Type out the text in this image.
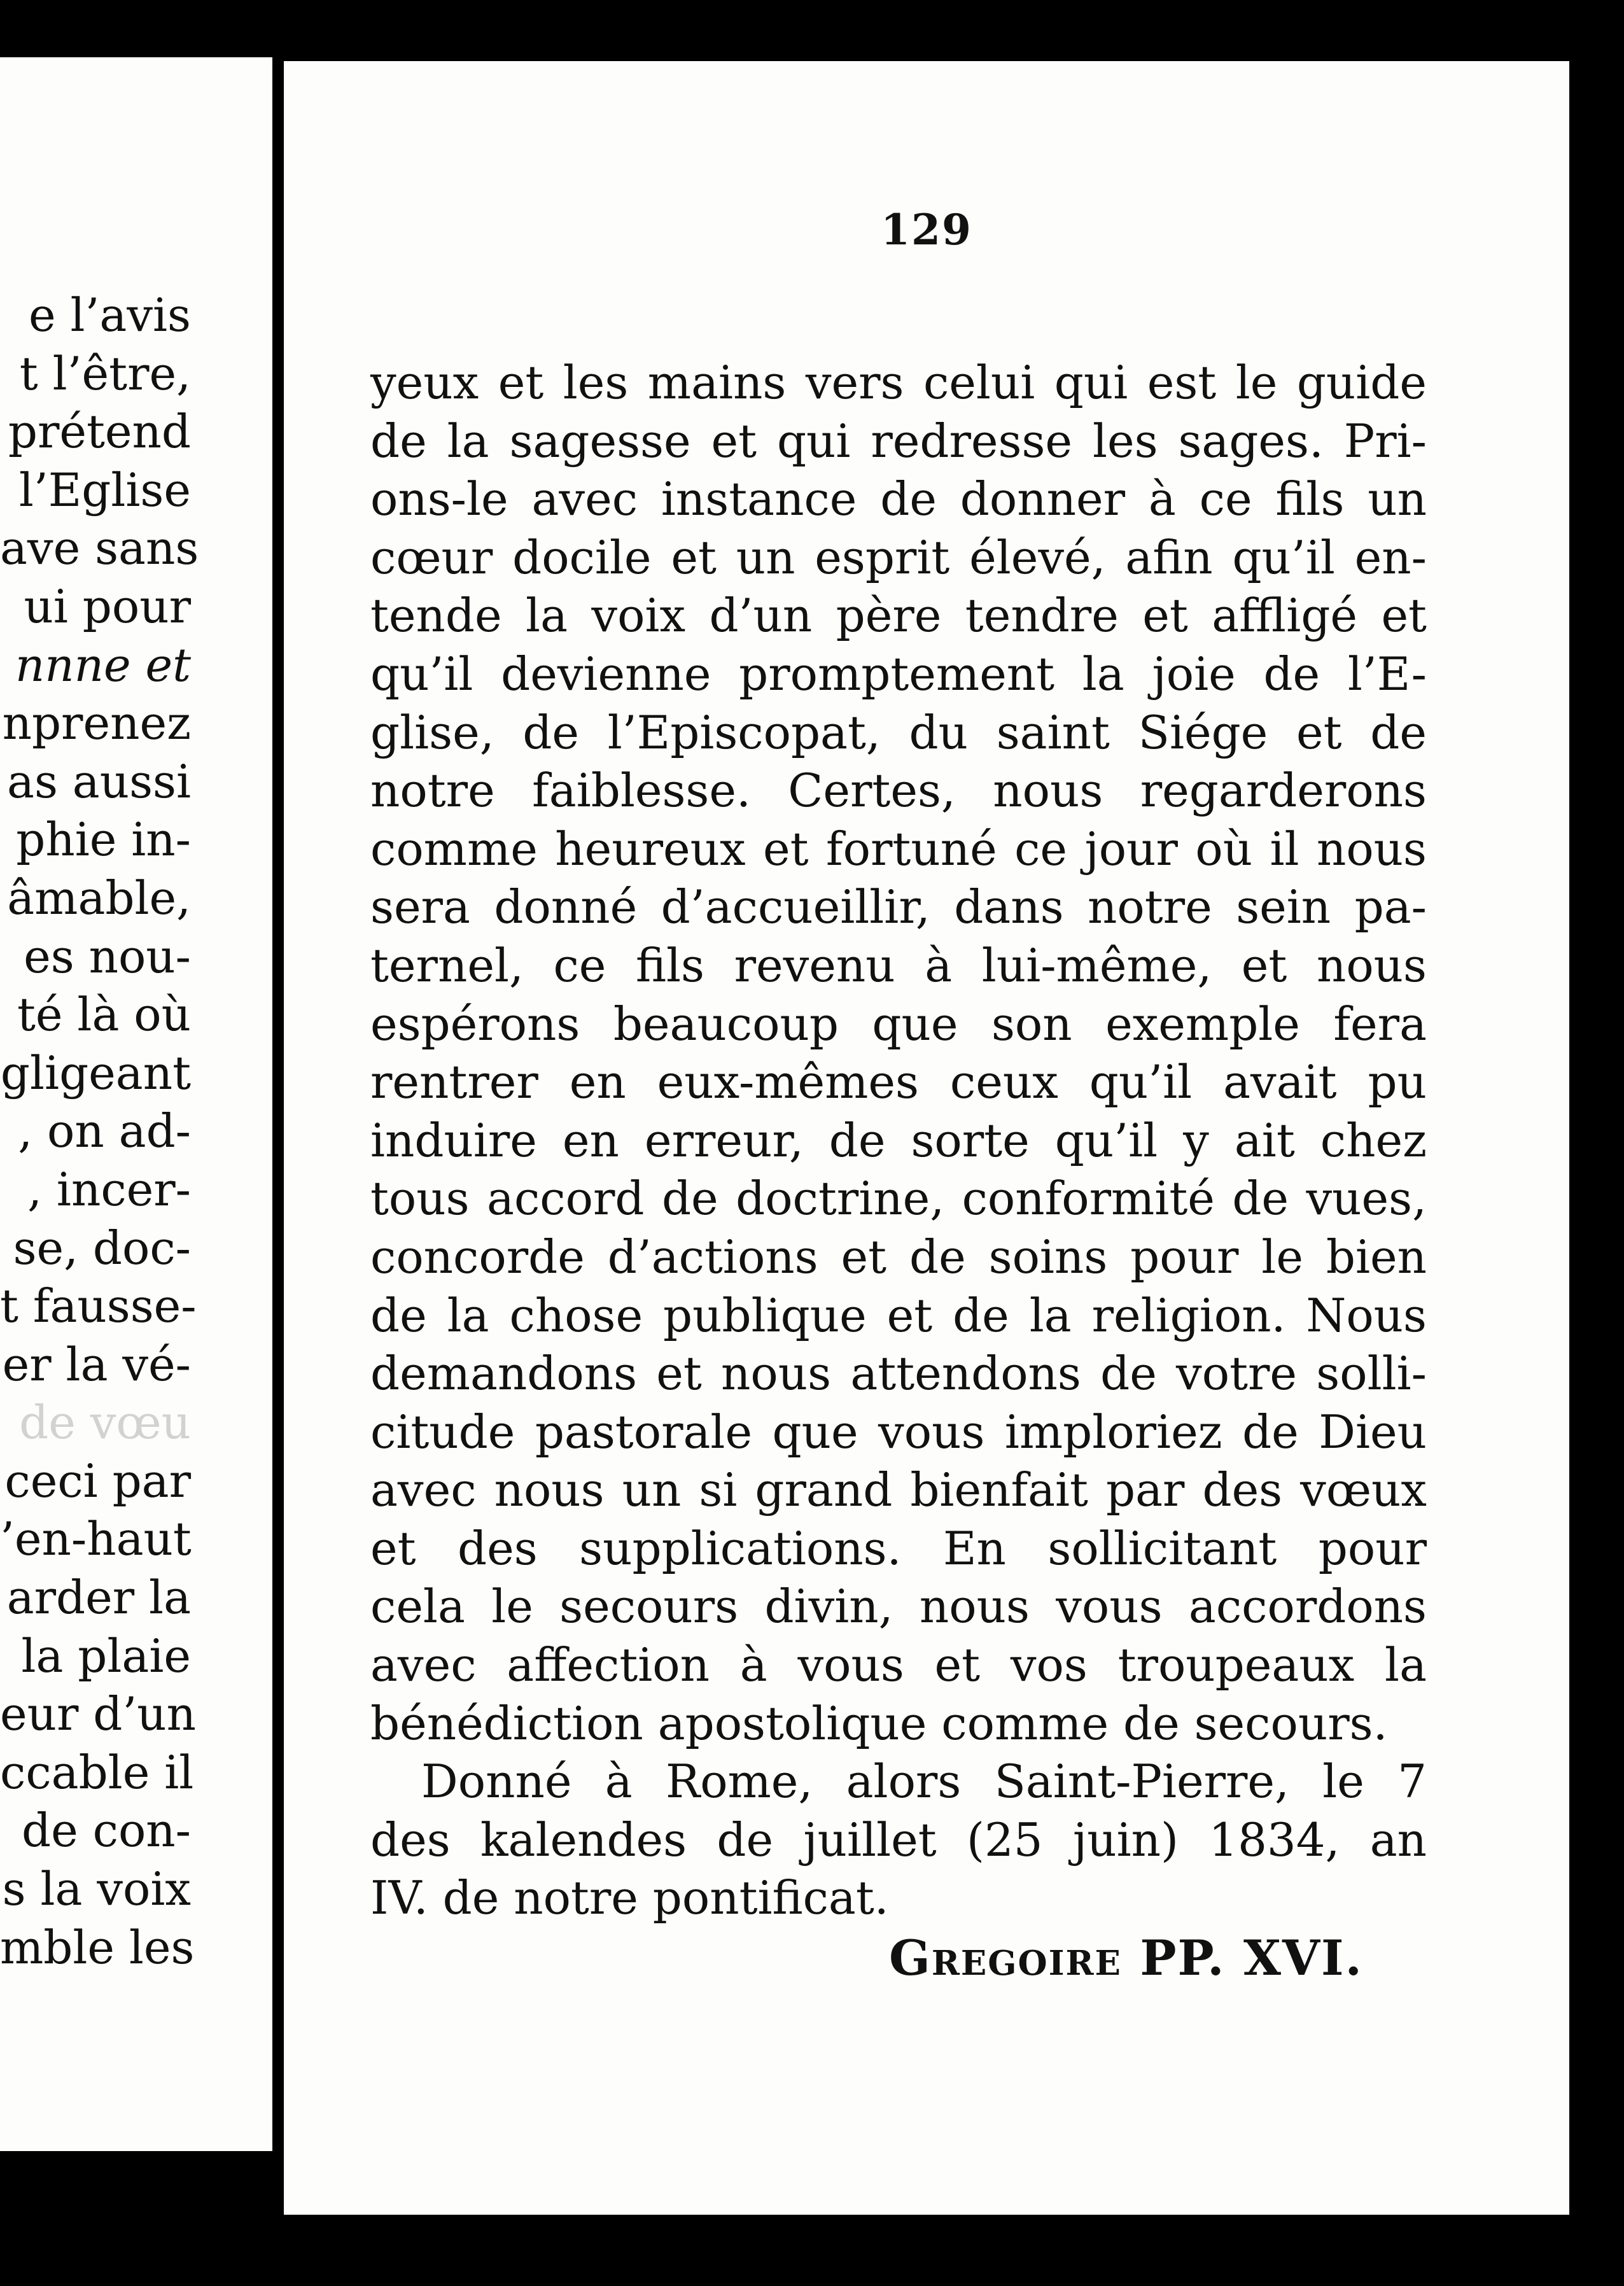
e l’avis
t l’être,
prétend
l’Eglise
ave sans
ui pour
nnne et
nprenez
as aussi
phie in-
âmable,
es nou-
té là où
gligeant
, on ad-
, incer-
se, doc-
t fausse-
er la vé-
de vœu
ceci par
’en-haut
arder la
la plaie
eur d’un
ccable il
de con-
s la voix
mble les
129
yeux et les mains vers celui qui est le guide
de la sagesse et qui redresse les sages. Pri-
ons-le avec instance de donner à ce fils un
cœur docile et un esprit élevé, afin qu’il en-
tende la voix d’un père tendre et affligé et
qu’il devienne promptement la joie de l’E-
glise, de l’Episcopat, du saint Siége et de
notre faiblesse. Certes, nous regarderons
comme heureux et fortuné ce jour où il nous
sera donné d’accueillir, dans notre sein pa-
ternel, ce fils revenu à lui-même, et nous
espérons beaucoup que son exemple fera
rentrer en eux-mêmes ceux qu’il avait pu
induire en erreur, de sorte qu’il y ait chez
tous accord de doctrine, conformité de vues,
concorde d’actions et de soins pour le bien
de la chose publique et de la religion. Nous
demandons et nous attendons de votre solli-
citude pastorale que vous imploriez de Dieu
avec nous un si grand bienfait par des vœux
et des supplications. En sollicitant pour
cela le secours divin, nous vous accordons
avec affection à vous et vos troupeaux la
bénédiction apostolique comme de secours.
Donné à Rome, alors Saint-Pierre, le 7
des kalendes de juillet (25 juin) 1834, an
IV. de notre pontificat.
Gregoire PP. XVI.
